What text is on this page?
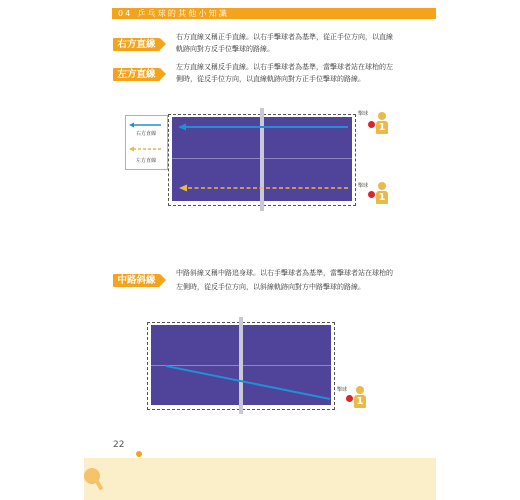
04 乒乓球的其他小知識
右方直線
右方直線又稱正手直線。以右手擊球者為基準，從正手位方向，以直線
軌跡向對方反手位擊球的路線。
左方直線
左方直線又稱反手直線。以右手擊球者為基準，當擊球者站在球枱的左
側時，從反手位方向，以直線軌跡向對方正手位擊球的路線。
右方直線
左方直線
擊球
1
擊球
1
中路斜線
中路斜線又稱中路追身球。以右手擊球者為基準，當擊球者站在球枱的
左側時，從反手位方向，以斜線軌跡向對方中路擊球的路線。
擊球
1
22
